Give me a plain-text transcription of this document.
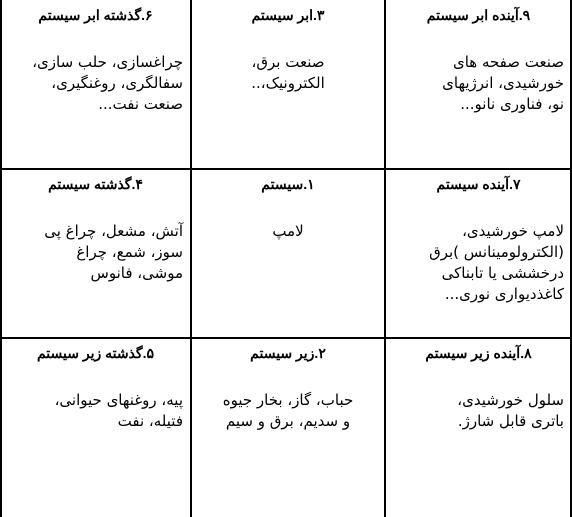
۹.آینده ابر سیستم
صنعت صفحه های
خورشیدی، انرژیهای
نو، فناوری نانو...
۳.ابر سیستم
صنعت برق،
الکترونیک،..
۶.گذشته ابر سیستم
چراغسازی، حلب سازی،
سفالگری، روغنگیری،
صنعت نفت...
۷.آینده سیستم
لامپ خورشیدی،
(الکترولومینانس )برق
درخششی یا تابناکی
کاغذدیواری نوری...
۱.سیستم
لامپ
۴.گذشته سیستم
آتش، مشعل، چراغ پی
سوز، شمع، چراغ
موشی، فانوس
۸.آینده زیر سیستم
سلول خورشیدی،
باتری قابل شارژ.
۲.زیر سیستم
حباب، گاز، بخار جیوه
و سدیم، برق و سیم
۵.گذشته زیر سیستم
پیه، روغنهای حیوانی،
فتیله، نفت
